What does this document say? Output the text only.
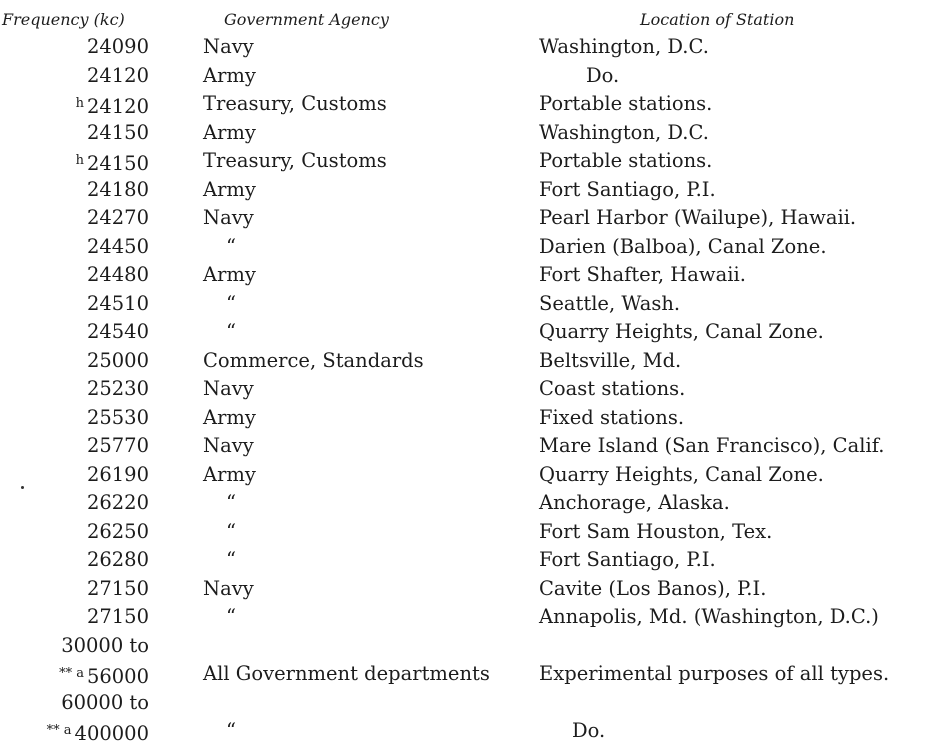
Frequency (kc)	Government Agency	Location of Station
24090	Navy	Washington, D.C.
24120	Army	Do.
$^h$ 24120	Treasury, Customs	Portable stations.
24150	Army	Washington, D.C.
$^h$ 24150	Treasury, Customs	Portable stations.
24180	Army	Fort Santiago, P.I.
24270	Navy	Pearl Harbor (Wailupe), Hawaii.
24450	“	Darien (Balboa), Canal Zone.
24480	Army	Fort Shafter, Hawaii.
24510	“	Seattle, Wash.
24540	“	Quarry Heights, Canal Zone.
25000	Commerce, Standards	Beltsville, Md.
25230	Navy	Coast stations.
25530	Army	Fixed stations.
25770	Navy	Mare Island (San Francisco), Calif.
26190	Army	Quarry Heights, Canal Zone.
26220	“	Anchorage, Alaska.
26250	“	Fort Sam Houston, Tex.
26280	“	Fort Santiago, P.I.
27150	Navy	Cavite (Los Banos), P.I.
27150	“	Annapolis, Md. (Washington, D.C.)
30000 to
$^{** a}$ 56000	All Government departments	Experimental purposes of all types.
60000 to
$^{** a}$ 400000	“	Do.
